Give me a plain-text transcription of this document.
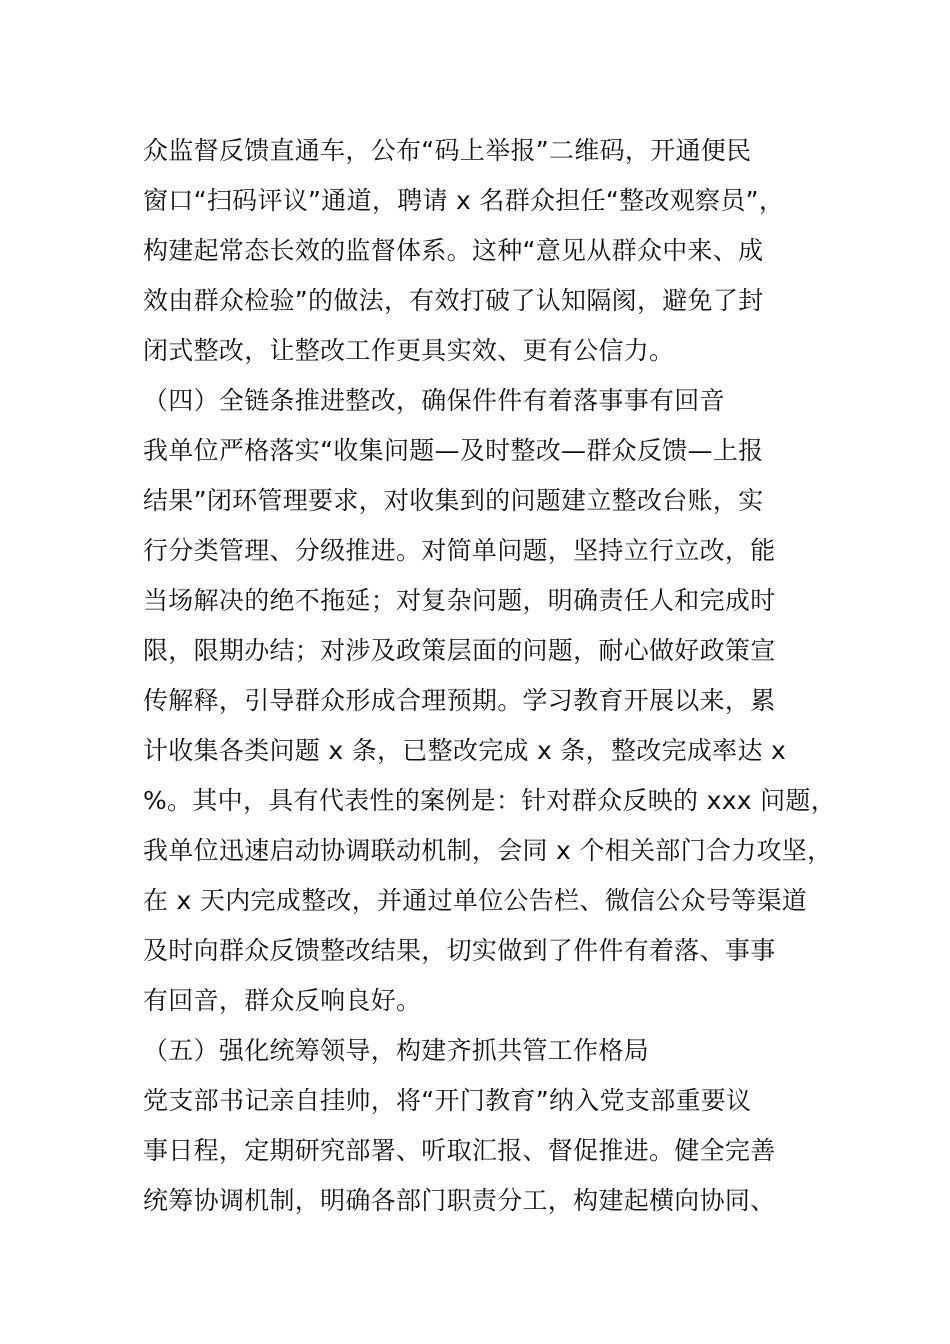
众监督反馈直通车，公布“码上举报”二维码，开通便民
窗口“扫码评议”通道，聘请 x 名群众担任“整改观察员”，
构建起常态长效的监督体系。这种“意见从群众中来、成
效由群众检验”的做法，有效打破了认知隔阂，避免了封
闭式整改，让整改工作更具实效、更有公信力。
（四）全链条推进整改，确保件件有着落事事有回音
我单位严格落实“收集问题—及时整改—群众反馈—上报
结果”闭环管理要求，对收集到的问题建立整改台账，实
行分类管理、分级推进。对简单问题，坚持立行立改，能
当场解决的绝不拖延；对复杂问题，明确责任人和完成时
限，限期办结；对涉及政策层面的问题，耐心做好政策宣
传解释，引导群众形成合理预期。学习教育开展以来，累
计收集各类问题 x 条，已整改完成 x 条，整改完成率达 x
%。其中，具有代表性的案例是：针对群众反映的 xxx 问题，
我单位迅速启动协调联动机制，会同 x 个相关部门合力攻坚，
在 x 天内完成整改，并通过单位公告栏、微信公众号等渠道
及时向群众反馈整改结果，切实做到了件件有着落、事事
有回音，群众反响良好。
（五）强化统筹领导，构建齐抓共管工作格局
党支部书记亲自挂帅，将“开门教育”纳入党支部重要议
事日程，定期研究部署、听取汇报、督促推进。健全完善
统筹协调机制，明确各部门职责分工，构建起横向协同、
